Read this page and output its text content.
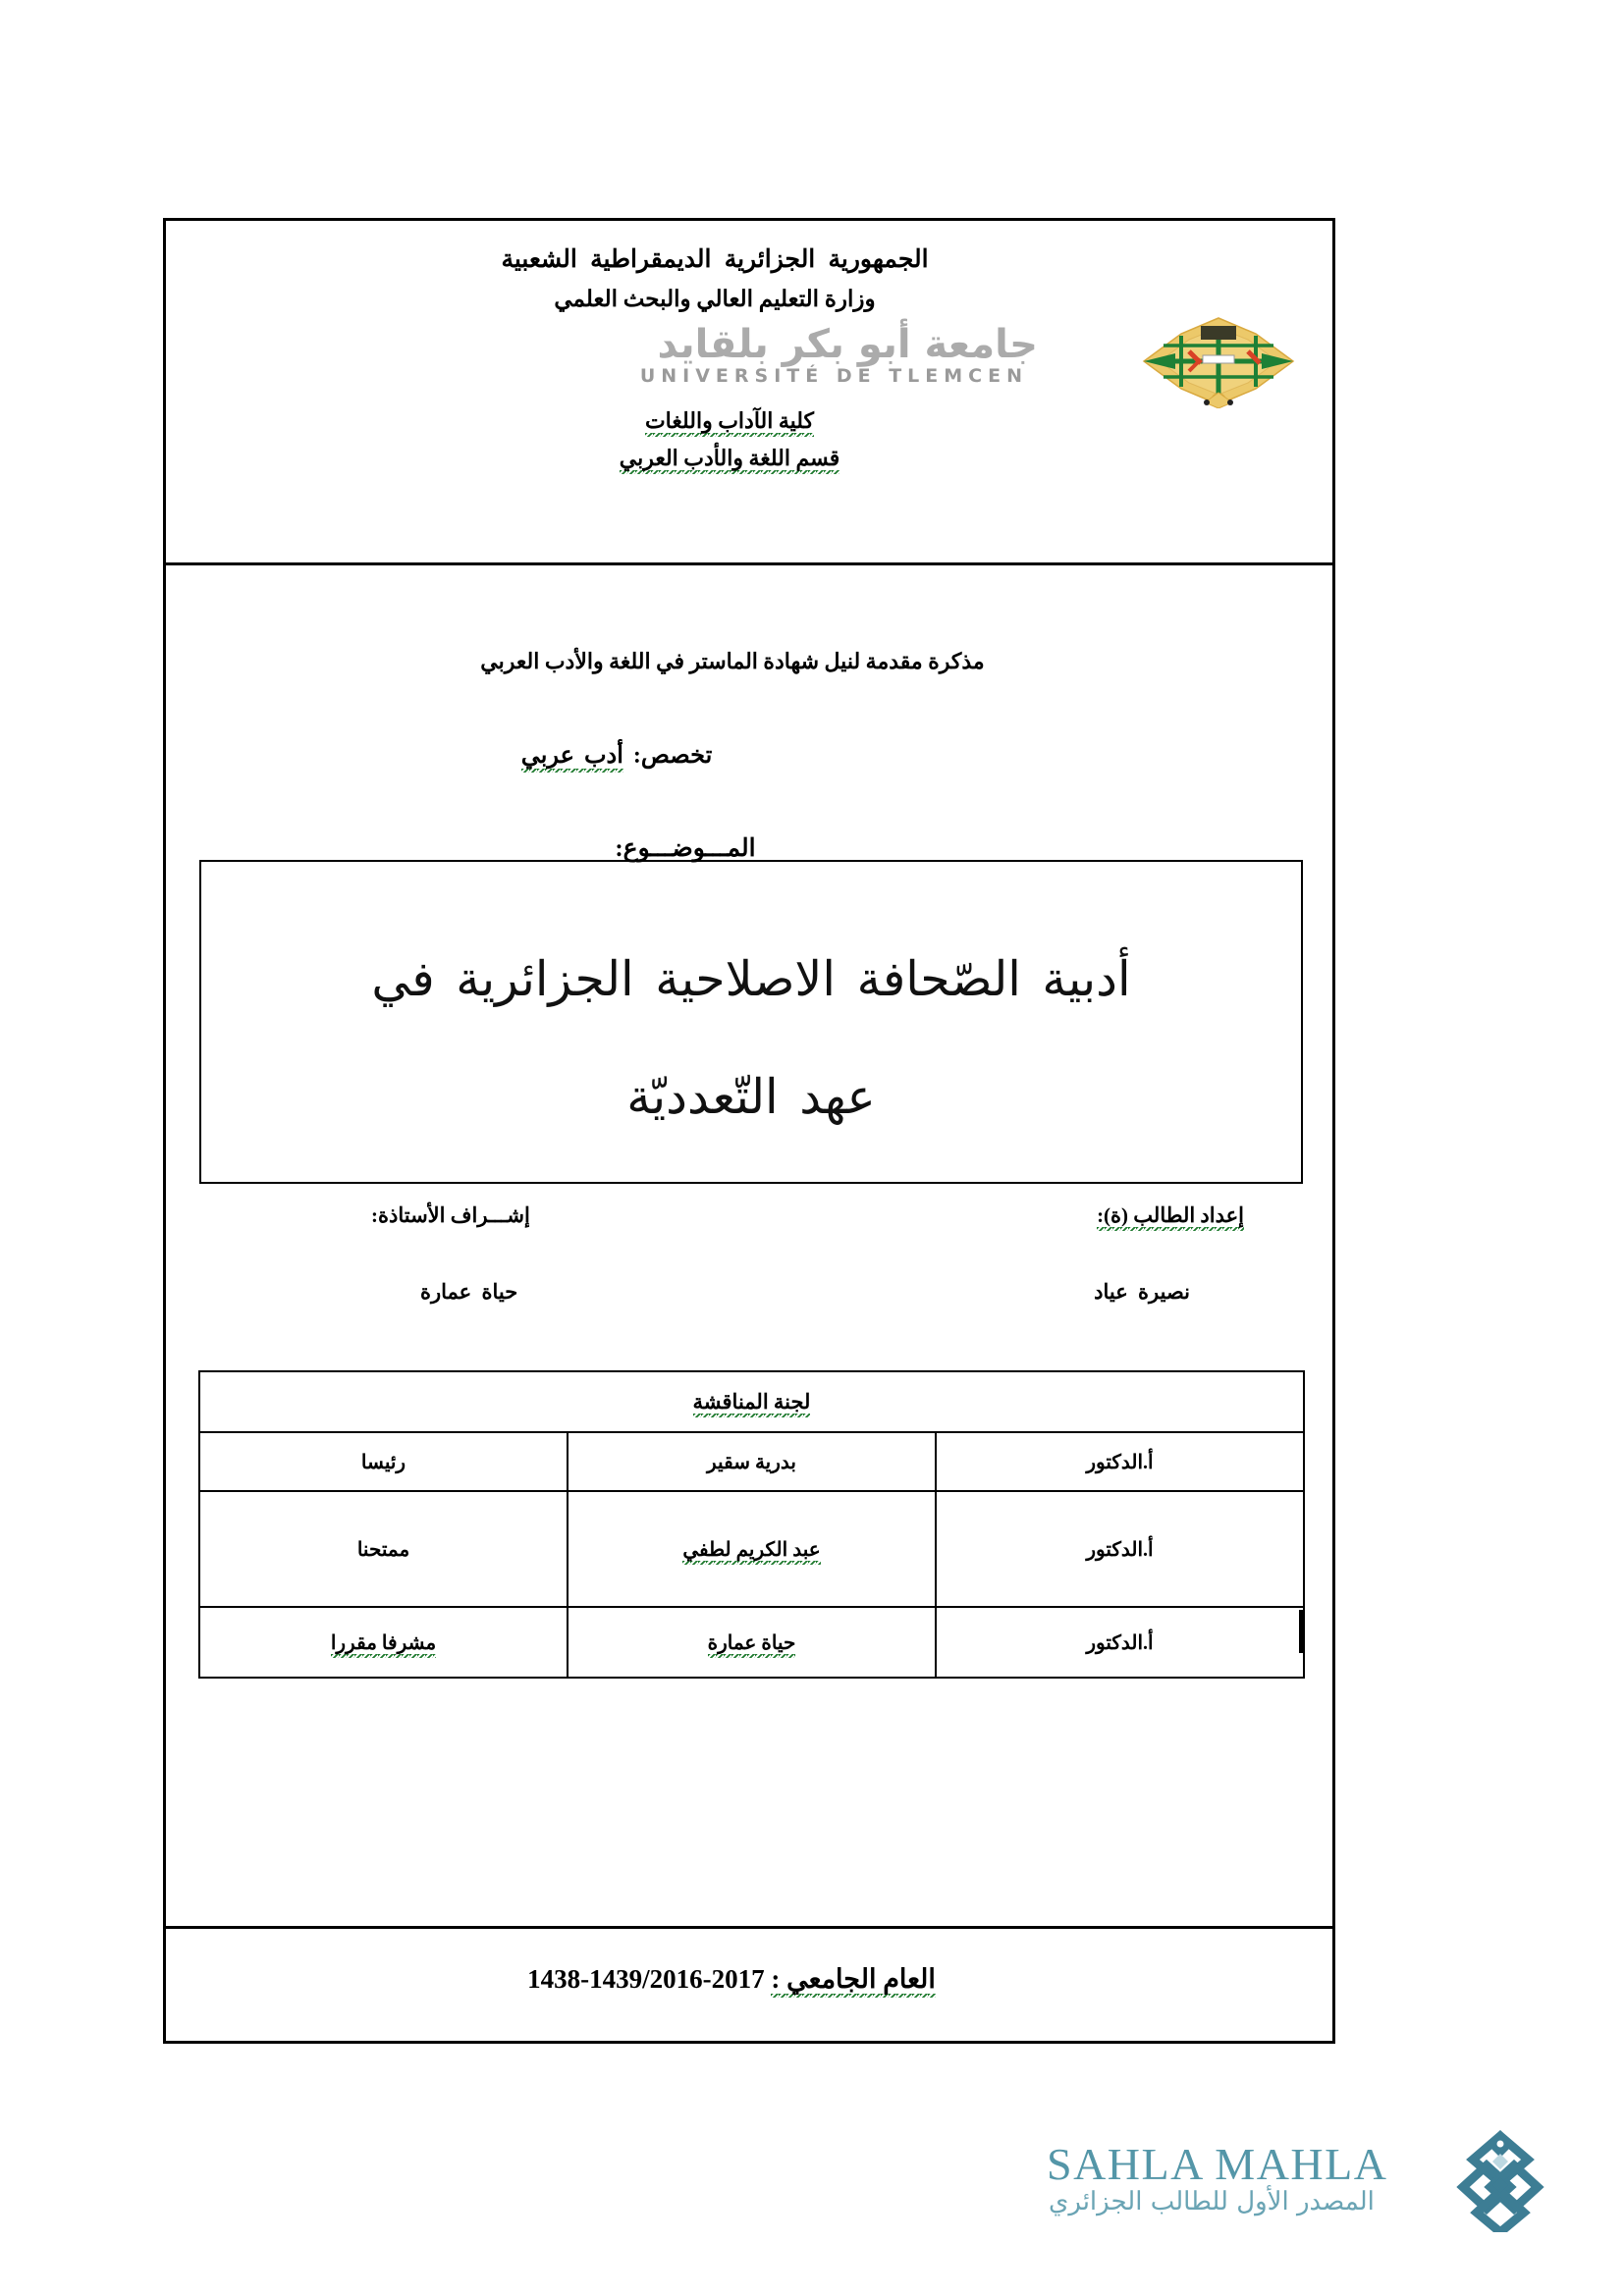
الجمهورية الجزائرية الديمقراطية الشعبية
وزارة التعليم العالي والبحث العلمي
جامعة أبو بكر بلقايد
UNIVERSITÉ DE TLEMCEN
كلية الآداب واللغات
قسم اللغة والأدب العربي
مذكرة مقدمة لنيل شهادة الماستر في اللغة والأدب العربي
تخصص: أدب عربي
المـــوضـــوع:
أدبية الصّحافة الاصلاحية الجزائرية في
عهد التّعدديّة
إعداد الطالب (ة):
إشـــراف الأستاذة:
نصيرة عياد
حياة عمارة
لجنة المناقشة		
أ.الدكتور	بدرية سقير	رئيسا
أ.الدكتور	عبد الكريم لطفي	ممتحنا
أ.الدكتور	حياة عمارة	مشرفا مقررا
العام الجامعي : 1438-1439/2016-2017
SAHLA MAHLA
المصدر الأول للطالب الجزائري
